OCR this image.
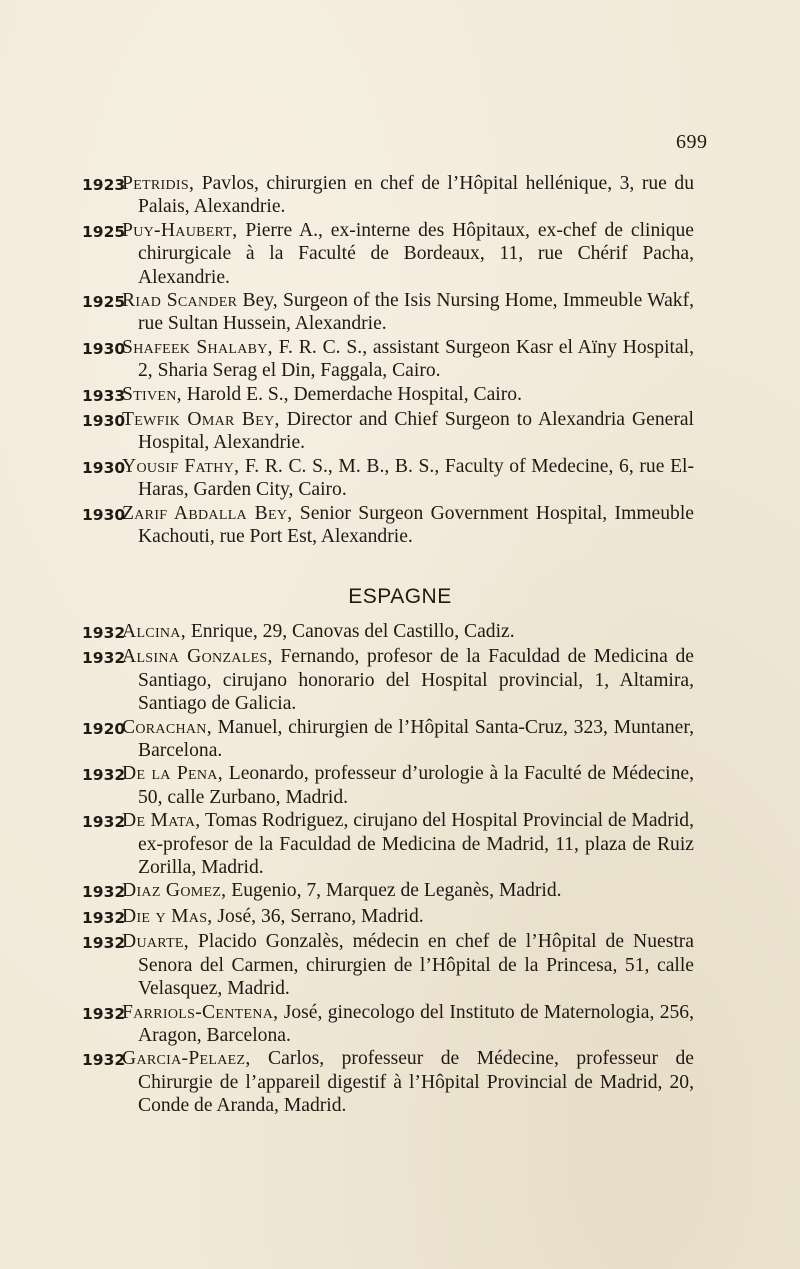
699
1923
Petridis, Pavlos, chirurgien en chef de l’Hôpital hellénique, 3, rue du Palais, Alexandrie.
1925
Puy-Haubert, Pierre A., ex-interne des Hôpitaux, ex-chef de clinique chirurgicale à la Faculté de Bordeaux, 11, rue Chérif Pacha, Alexandrie.
1925
Riad Scander Bey, Surgeon of the Isis Nursing Home, Immeuble Wakf, rue Sultan Hussein, Alexandrie.
1930
Shafeek Shalaby, F. R. C. S., assistant Surgeon Kasr el Aïny Hospital, 2, Sharia Serag el Din, Faggala, Cairo.
1933
Stiven, Harold E. S., Demerdache Hospital, Cairo.
1930
Tewfik Omar Bey, Director and Chief Surgeon to Alexandria General Hospital, Alexandrie.
1930
Yousif Fathy, F. R. C. S., M. B., B. S., Faculty of Medecine, 6, rue El-Haras, Garden City, Cairo.
1930
Zarif Abdalla Bey, Senior Surgeon Government Hospital, Immeuble Kachouti, rue Port Est, Alexandrie.
ESPAGNE
1932
Alcina, Enrique, 29, Canovas del Castillo, Cadiz.
1932
Alsina Gonzales, Fernando, profesor de la Faculdad de Medicina de Santiago, cirujano honorario del Hospital provincial, 1, Altamira, Santiago de Galicia.
1920
Corachan, Manuel, chirurgien de l’Hôpital Santa-Cruz, 323, Muntaner, Barcelona.
1932
De la Pena, Leonardo, professeur d’urologie à la Faculté de Médecine, 50, calle Zurbano, Madrid.
1932
De Mata, Tomas Rodriguez, cirujano del Hospital Provincial de Madrid, ex-profesor de la Faculdad de Medicina de Madrid, 11, plaza de Ruiz Zorilla, Madrid.
1932
Diaz Gomez, Eugenio, 7, Marquez de Leganès, Madrid.
1932
Die y Mas, José, 36, Serrano, Madrid.
1932
Duarte, Placido Gonzalès, médecin en chef de l’Hôpital de Nuestra Senora del Carmen, chirurgien de l’Hôpital de la Princesa, 51, calle Velasquez, Madrid.
1932
Farriols-Centena, José, ginecologo del Instituto de Maternologia, 256, Aragon, Barcelona.
1932
Garcia-Pelaez, Carlos, professeur de Médecine, professeur de Chirurgie de l’appareil digestif à l’Hôpital Provincial de Madrid, 20, Conde de Aranda, Madrid.
